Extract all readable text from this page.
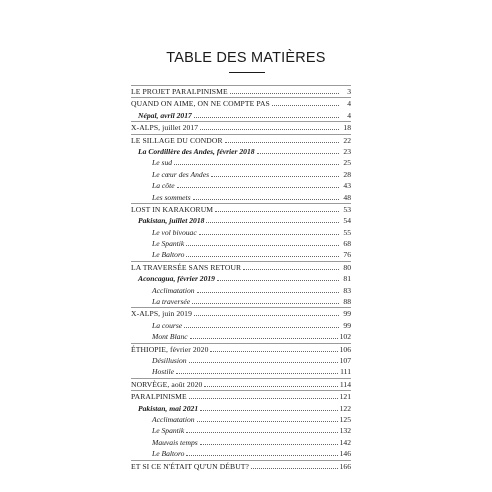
TABLE DES MATIÈRES
LE PROJET PARALPINISME	3
QUAND ON AIME, ON NE COMPTE PAS	4
Népal, avril 2017	4
X-ALPS, juillet 2017	18
LE SILLAGE DU CONDOR	22
La Cordillère des Andes, février 2018	23
Le sud	25
Le cœur des Andes	28
La côte	43
Les sommets	48
LOST IN KARAKORUM	53
Pakistan, juillet 2018	54
Le vol bivouac	55
Le Spantik	68
Le Baltoro	76
LA TRAVERSÉE SANS RETOUR	80
Aconcagua, février 2019	81
Acclimatation	83
La traversée	88
X-ALPS, juin 2019	99
La course	99
Mont Blanc	102
ÉTHIOPIE, février 2020	106
Désillusion	107
Hostile	111
NORVÈGE, août 2020	114
PARALPINISME	121
Pakistan, mai 2021	122
Acclimatation	125
Le Spantik	132
Mauvais temps	142
Le Baltoro	146
ET SI CE N'ÉTAIT QU'UN DÉBUT?	166
